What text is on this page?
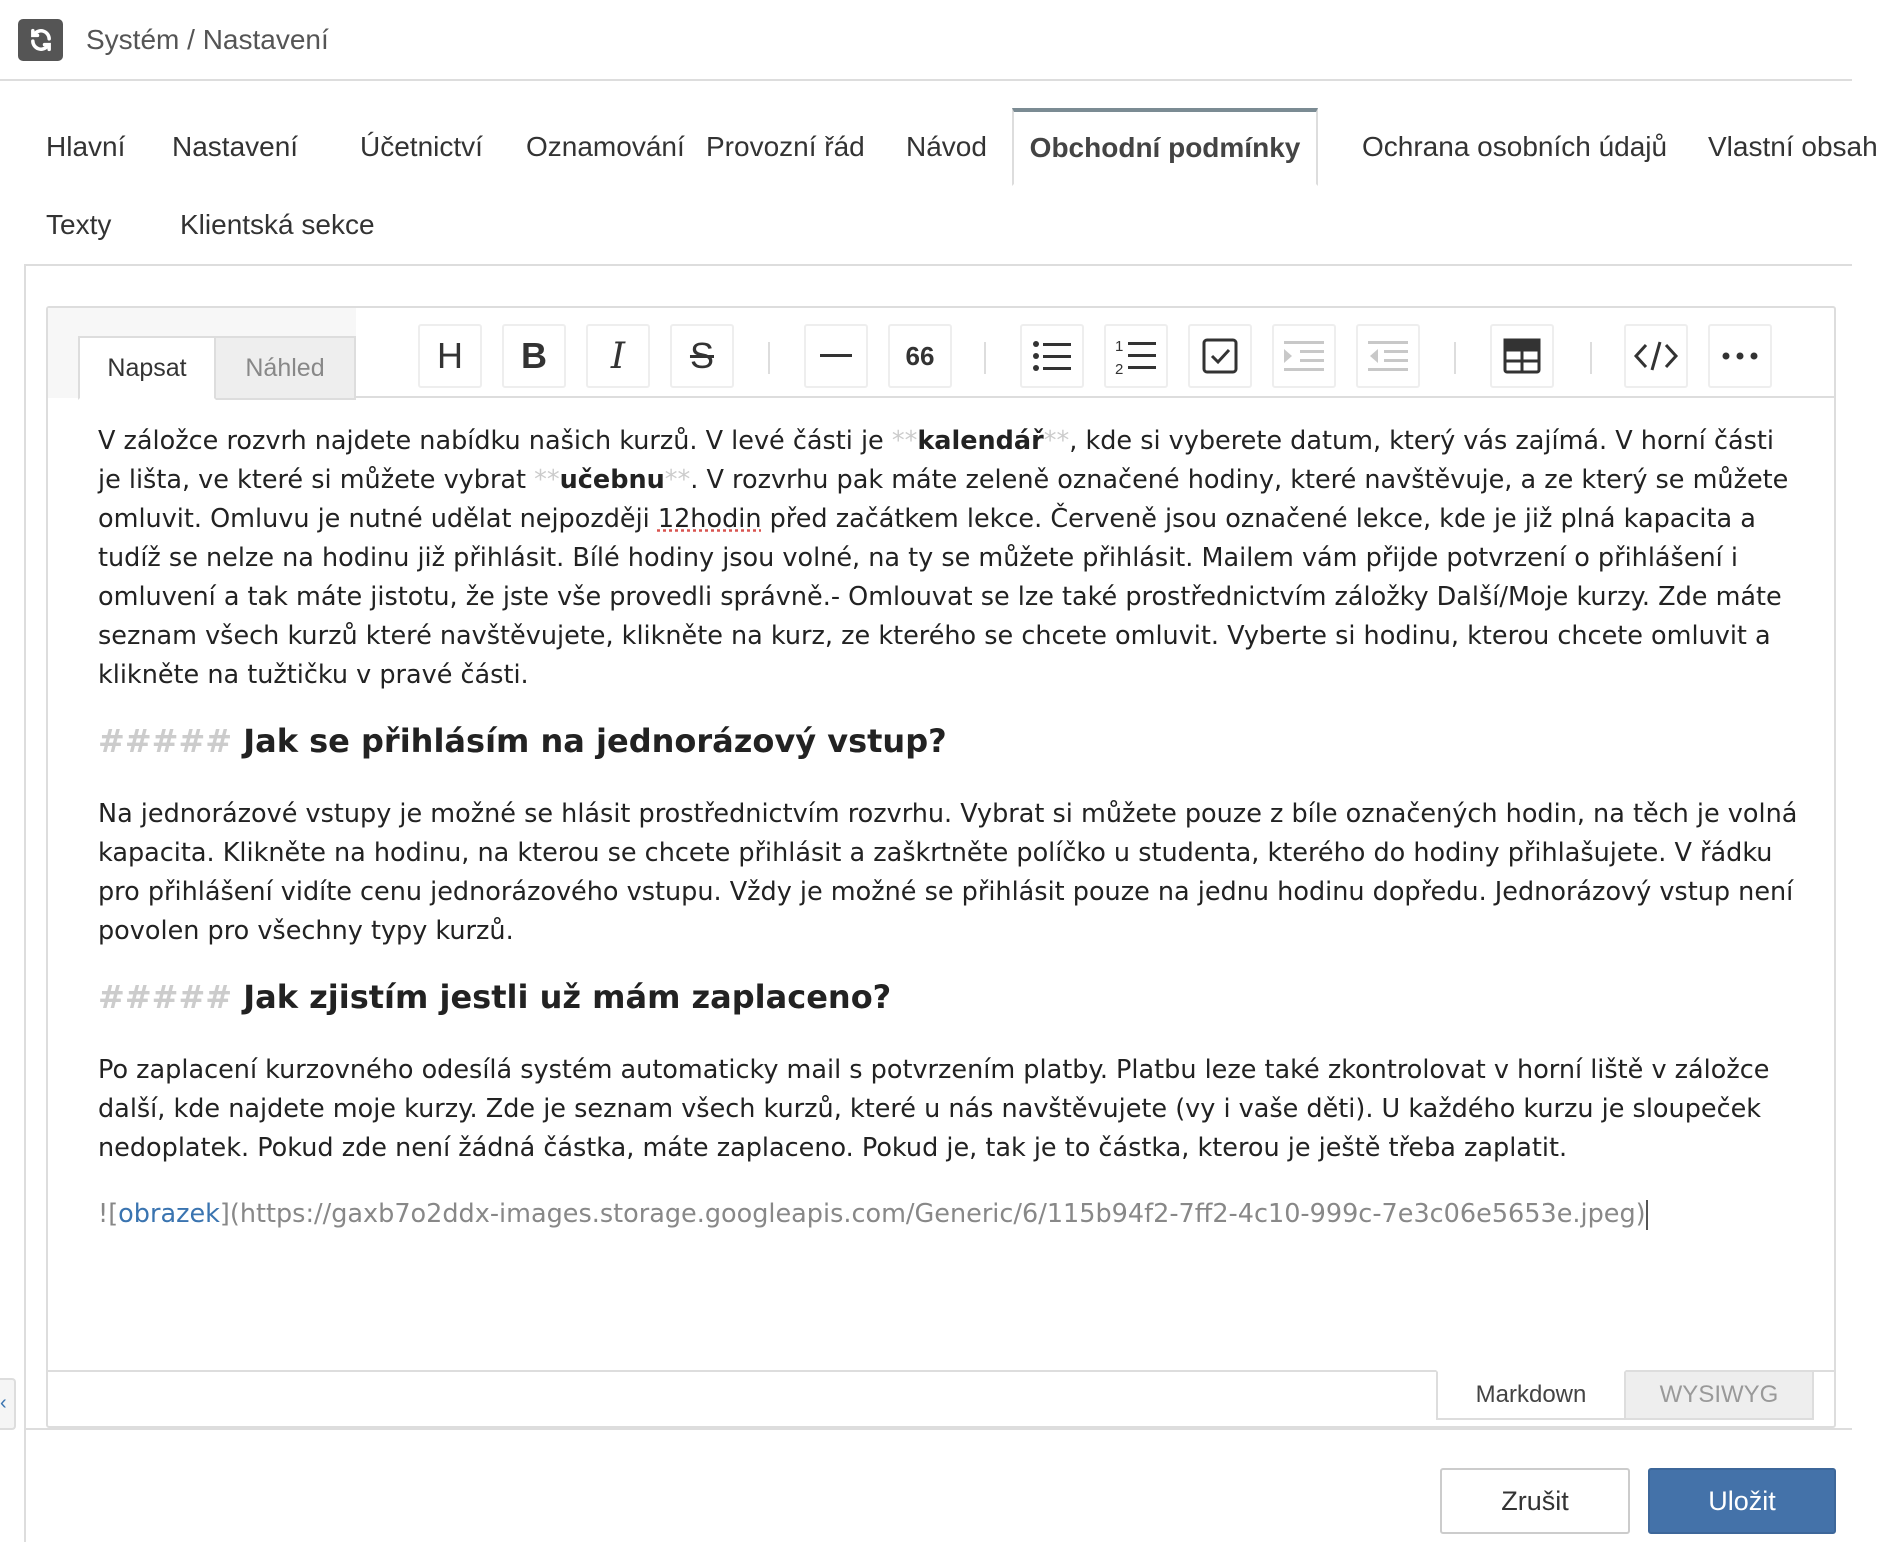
Systém / Nastavení
Hlavní	Nastavení	Účetnictví	Oznamování Provozní řád	Návod	Obchodní podmínky	Ochrana osobních údajů	Vlastní obsah
Texty	Klientská sekce
Napsat	Náhled	H B I S	66	1
2

V záložce rozvrh najdete nabídku našich kurzů. V levé části je **kalendář**, kde si vyberete datum, který vás zajímá. V horní části je lišta, ve které si můžete vybrat **učebnu**. V rozvrhu pak máte zeleně označené hodiny, které navštěvuje, a ze který se můžete omluvit. Omluvu je nutné udělat nejpozději 12hodin před začátkem lekce. Červeně jsou označené lekce, kde je již plná kapacita a tudíž se nelze na hodinu již přihlásit. Bílé hodiny jsou volné, na ty se můžete přihlásit. Mailem vám přijde potvrzení o přihlášení i omluvení a tak máte jistotu, že jste vše provedli správně.- Omlouvat se lze také prostřednictvím záložky Další/Moje kurzy. Zde máte seznam všech kurzů které navštěvujete, klikněte na kurz, ze kterého se chcete omluvit. Vyberte si hodinu, kterou chcete omluvit a klikněte na tužtičku v pravé části.

##### Jak se přihlásím na jednorázový vstup?

Na jednorázové vstupy je možné se hlásit prostřednictvím rozvrhu. Vybrat si můžete pouze z bíle označených hodin, na těch je volná kapacita. Klikněte na hodinu, na kterou se chcete přihlásit a zaškrtněte políčko u studenta, kterého do hodiny přihlašujete. V řádku pro přihlášení vidíte cenu jednorázového vstupu. Vždy je možné se přihlásit pouze na jednu hodinu dopředu. Jednorázový vstup není povolen pro všechny typy kurzů.

##### Jak zjistím jestli už mám zaplaceno?

Po zaplacení kurzovného odesílá systém automaticky mail s potvrzením platby. Platbu leze také zkontrolovat v horní liště v záložce další, kde najdete moje kurzy. Zde je seznam všech kurzů, které u nás navštěvujete (vy i vaše děti). U každého kurzu je sloupeček nedoplatek. Pokud zde není žádná částka, máte zaplaceno. Pokud je, tak je to částka, kterou je ještě třeba zaplatit.

![obrazek](https://gaxb7o2ddx-images.storage.googleapis.com/Generic/6/115b94f2-7ff2-4c10-999c-7e3c06e5653e.jpeg)

Markdown	WYSIWYG
‹
Zrušit	Uložit
